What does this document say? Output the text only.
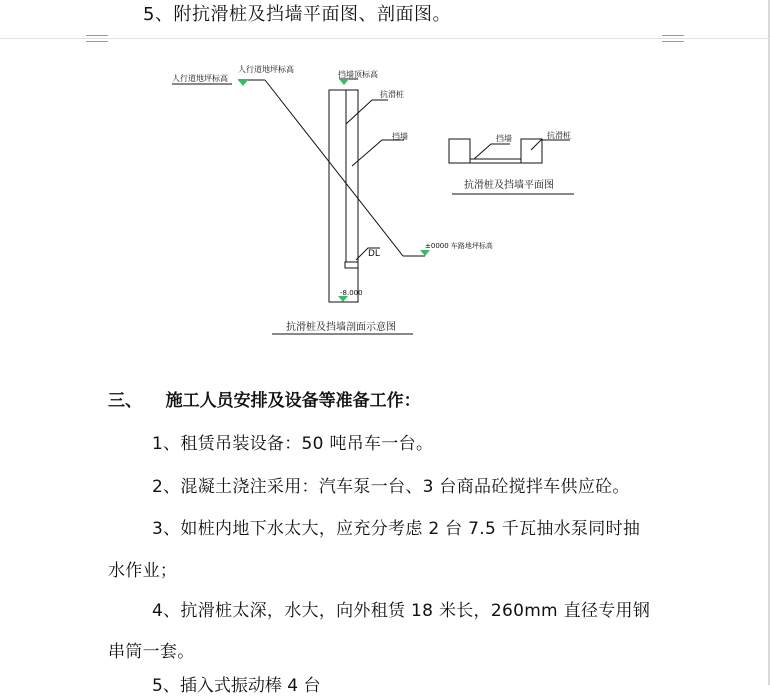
5、附抗滑桩及挡墙平面图、剖面图。
人行道地坪标高
人行道地坪标高
挡墙顶标高
抗滑桩
挡墙
DL
±0000 车路地坪标高
-8.000
抗滑桩及挡墙剖面示意图
挡墙	抗滑桩
抗滑桩及挡墙平面图
三、    施工人员安排及设备等准备工作：
1、租赁吊装设备：50 吨吊车一台。
2、混凝土浇注采用：汽车泵一台、3 台商品砼搅拌车供应砼。
3、如桩内地下水太大，应充分考虑 2 台 7.5 千瓦抽水泵同时抽
水作业；
4、抗滑桩太深，水大，向外租赁 18 米长，260mm 直径专用钢
串筒一套。
5、插入式振动棒 4 台
